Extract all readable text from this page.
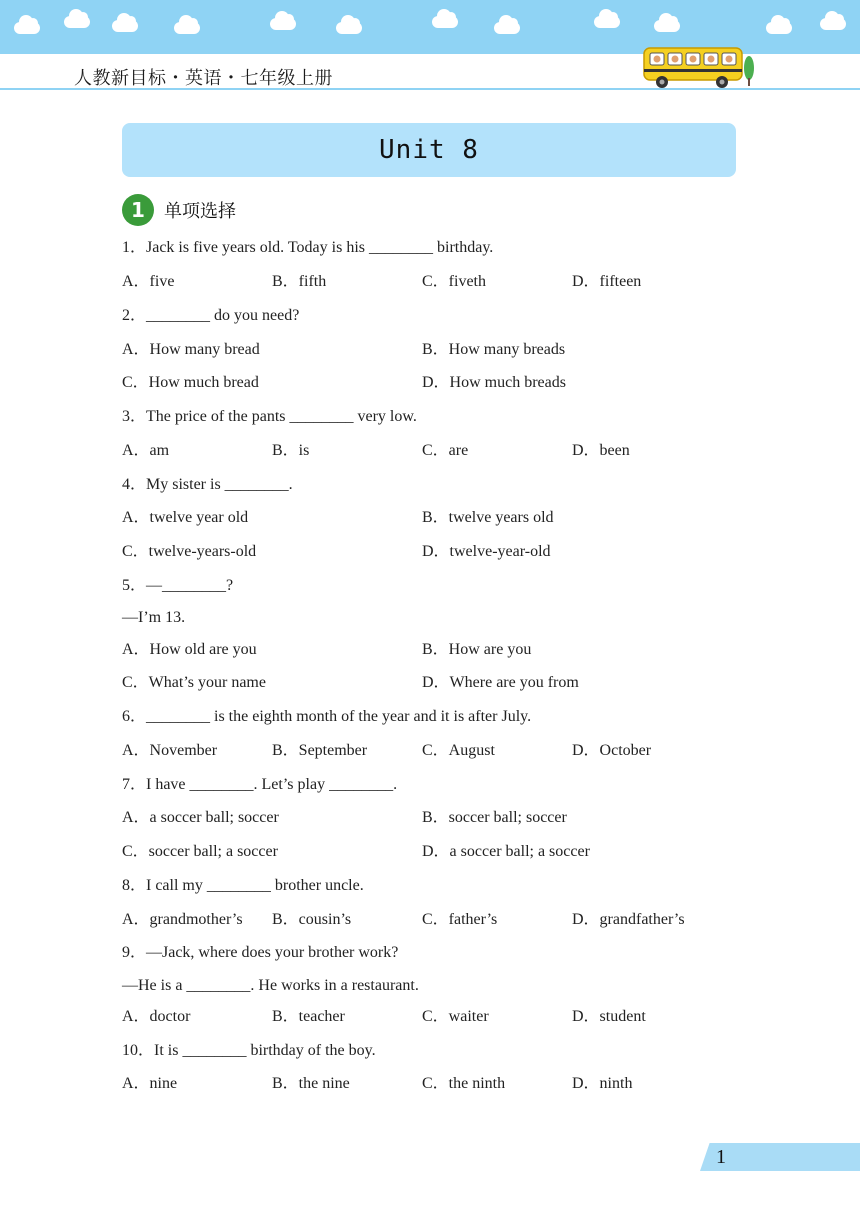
人教新目标・英语・七年级上册
Unit 8
1	单项选择
1．Jack is five years old. Today is his ________ birthday.
A．five	B．fifth	C．fiveth	D．fifteen
2．________ do you need?
A．How many bread	B．How many breads
C．How much bread	D．How much breads
3．The price of the pants ________ very low.
A．am	B．is	C．are	D．been
4．My sister is ________.
A．twelve year old	B．twelve years old
C．twelve-years-old	D．twelve-year-old
5．—________?
—I’m 13.
A．How old are you	B．How are you
C．What’s your name	D．Where are you from
6．________ is the eighth month of the year and it is after July.
A．November	B．September	C．August	D．October
7．I have ________. Let’s play ________.
A．a soccer ball; soccer	B．soccer ball; soccer
C．soccer ball; a soccer	D．a soccer ball; a soccer
8．I call my ________ brother uncle.
A．grandmother’s B．cousin’s	C．father’s	D．grandfather’s
9．—Jack, where does your brother work?
—He is a ________. He works in a restaurant.
A．doctor	B．teacher	C．waiter	D．student
10．It is ________ birthday of the boy.
A．nine	B．the nine	C．the ninth	D．ninth
1
